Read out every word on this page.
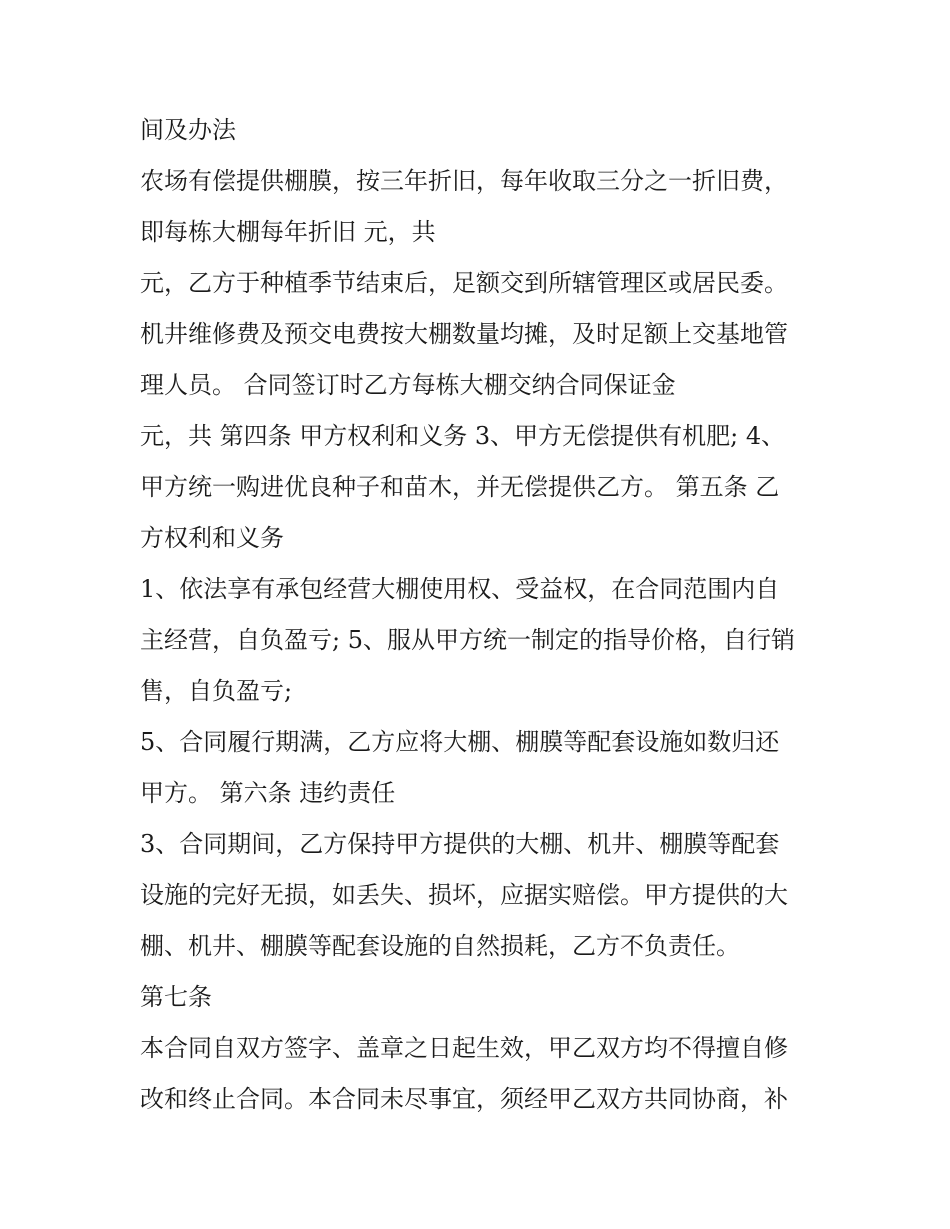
间及办法
农场有偿提供棚膜，按三年折旧，每年收取三分之一折旧费，
即每栋大棚每年折旧 元，共
元，乙方于种植季节结束后，足额交到所辖管理区或居民委。
机井维修费及预交电费按大棚数量均摊，及时足额上交基地管
理人员。 合同签订时乙方每栋大棚交纳合同保证金
元，共 第四条 甲方权利和义务 3、甲方无偿提供有机肥; 4、
甲方统一购进优良种子和苗木，并无偿提供乙方。 第五条 乙
方权利和义务
1、依法享有承包经营大棚使用权、受益权，在合同范围内自
主经营，自负盈亏; 5、服从甲方统一制定的指导价格，自行销
售，自负盈亏;
5、合同履行期满，乙方应将大棚、棚膜等配套设施如数归还
甲方。 第六条 违约责任
3、合同期间，乙方保持甲方提供的大棚、机井、棚膜等配套
设施的完好无损，如丢失、损坏，应据实赔偿。甲方提供的大
棚、机井、棚膜等配套设施的自然损耗，乙方不负责任。
第七条
本合同自双方签字、盖章之日起生效，甲乙双方均不得擅自修
改和终止合同。本合同未尽事宜，须经甲乙双方共同协商，补
